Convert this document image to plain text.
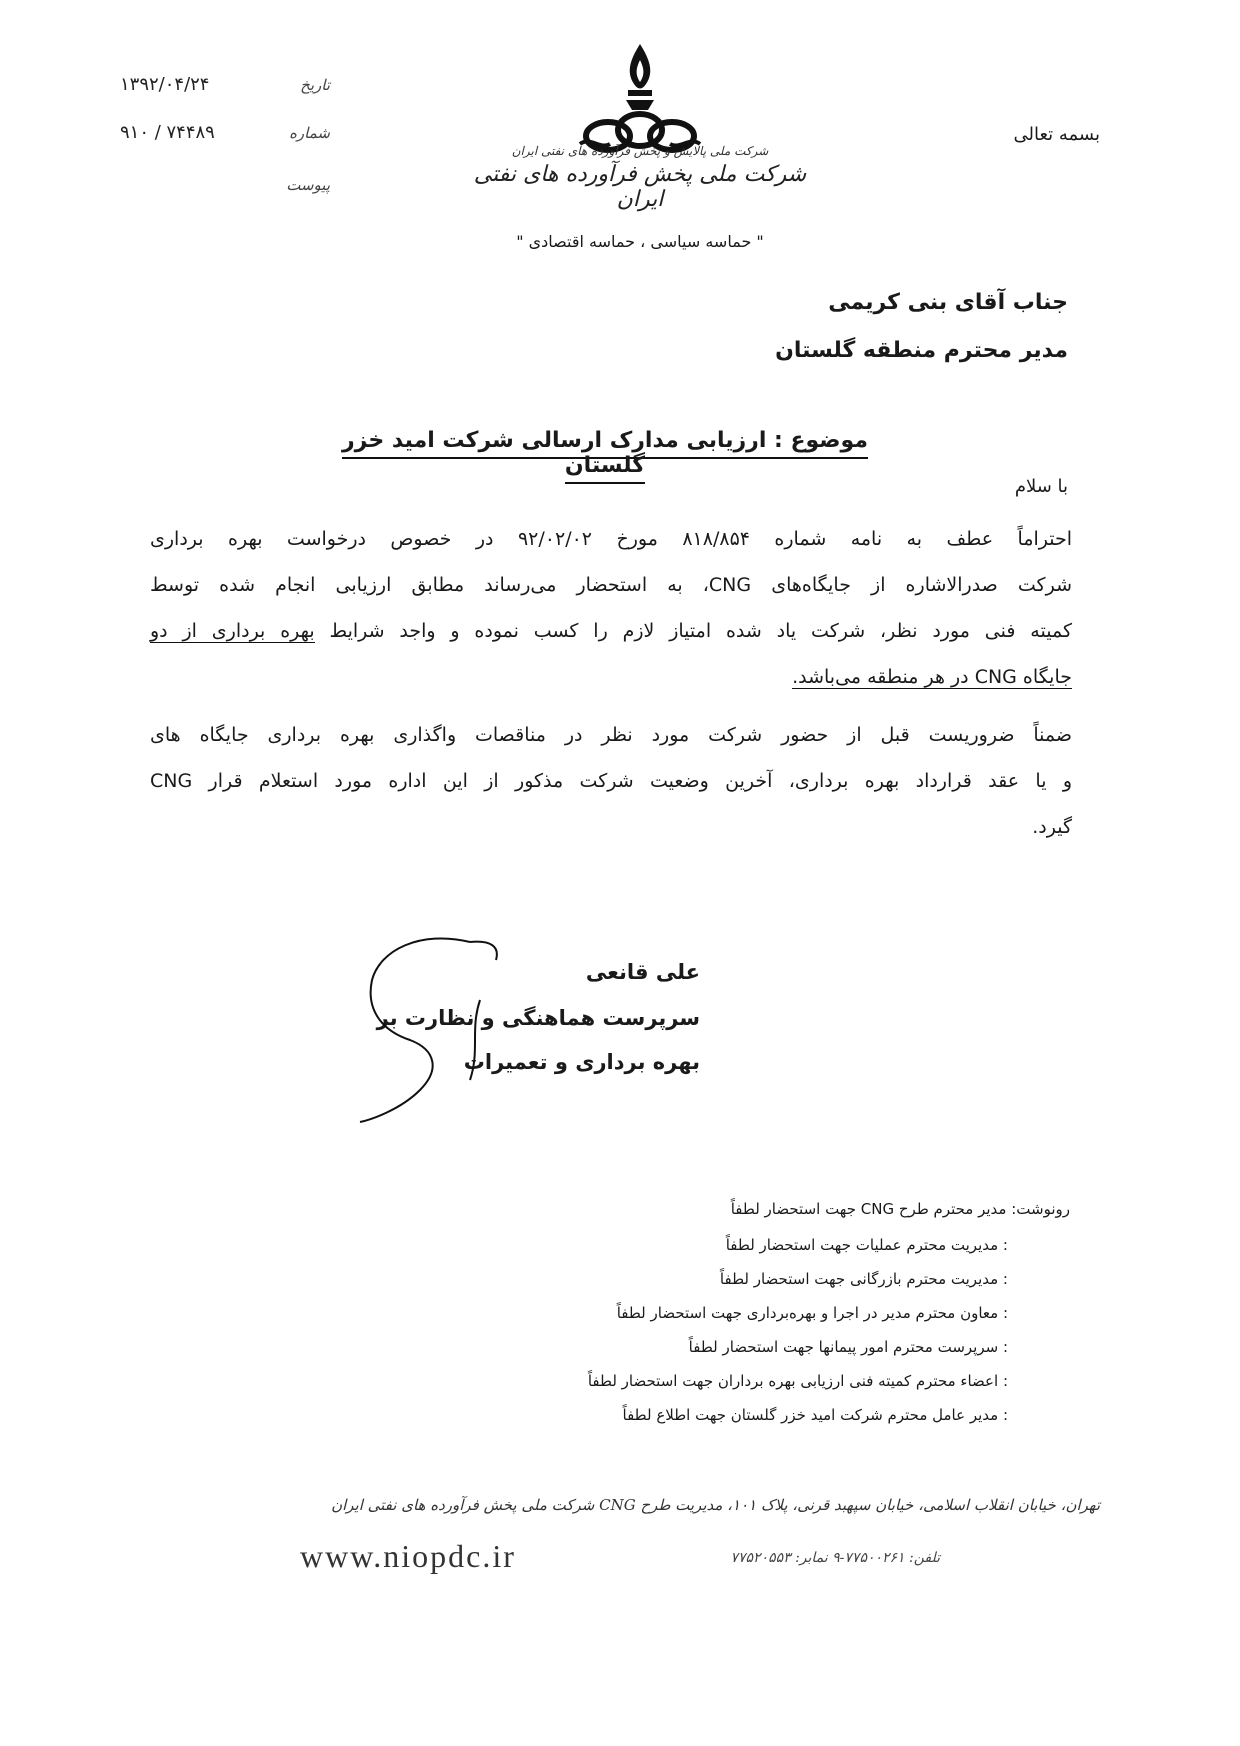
بسمه تعالی
تاریخ
۱۳۹۲/۰۴/۲۴
شماره
۹۱۰ / ۷۴۴۸۹
پیوست
شرکت ملی پالایش و پخش فرآورده های نفتی ایران
شرکت ملی پخش فرآورده های نفتی ایران
" حماسه سیاسی ، حماسه اقتصادی "
جناب آقای بنی کریمی
مدیر محترم منطقه گلستان
موضوع : ارزیابی مدارک ارسالی شرکت امید خزر گلستان
با سلام
احتراماً عطف به نامه شماره ۸۱۸/۸۵۴ مورخ ۹۲/۰۲/۰۲ در خصوص درخواست بهره برداری
شرکت صدرالاشاره از جایگاه‌های CNG، به استحضار می‌رساند مطابق ارزیابی انجام شده توسط
کمیته فنی مورد نظر، شرکت یاد شده امتیاز لازم را کسب نموده و واجد شرایط بهره برداری از دو
جایگاه CNG در هر منطقه می‌باشد.
ضمناً ضروریست قبل از حضور شرکت مورد نظر در مناقصات واگذاری بهره برداری جایگاه های
CNG و یا عقد قرارداد بهره برداری، آخرین وضعیت شرکت مذکور از این اداره مورد استعلام قرار
گیرد.
علی قانعی
سرپرست هماهنگی و نظارت بر
بهره برداری و تعمیرات
رونوشت: مدیر محترم طرح CNG جهت استحضار لطفاً
: مدیریت محترم عملیات جهت استحضار لطفاً
: مدیریت محترم بازرگانی جهت استحضار لطفاً
: معاون محترم مدیر در اجرا و بهره‌برداری جهت استحضار لطفاً
: سرپرست محترم امور پیمانها جهت استحضار لطفاً
: اعضاء محترم کمیته فنی ارزیابی بهره برداران جهت استحضار لطفاً
: مدیر عامل محترم شرکت امید خزر گلستان جهت اطلاع لطفاً
تهران، خیابان انقلاب اسلامی، خیابان سپهبد قرنی، پلاک ۱۰۱، مدیریت طرح CNG شرکت ملی پخش فرآورده های نفتی ایران
تلفن: ۷۷۵۰۰۲۶۱-۹ نمابر: ۷۷۵۲۰۵۵۳
www.niopdc.ir
